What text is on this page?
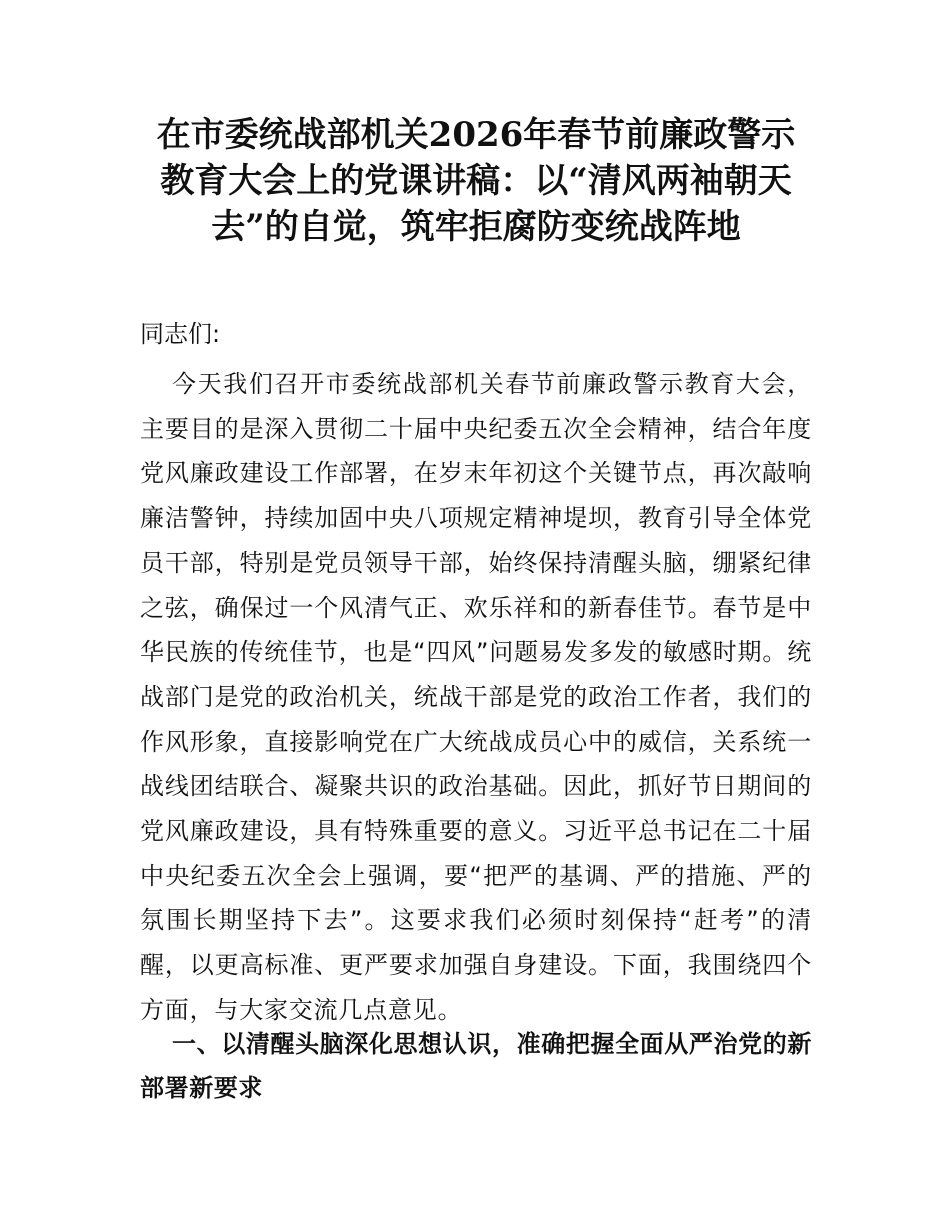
在市委统战部机关2026年春节前廉政警示教育大会上的党课讲稿：以“清风两袖朝天去”的自觉，筑牢拒腐防变统战阵地

同志们:

今天我们召开市委统战部机关春节前廉政警示教育大会，主要目的是深入贯彻二十届中央纪委五次全会精神，结合年度党风廉政建设工作部署，在岁末年初这个关键节点，再次敲响廉洁警钟，持续加固中央八项规定精神堤坝，教育引导全体党员干部，特别是党员领导干部，始终保持清醒头脑，绷紧纪律之弦，确保过一个风清气正、欢乐祥和的新春佳节。春节是中华民族的传统佳节，也是“四风”问题易发多发的敏感时期。统战部门是党的政治机关，统战干部是党的政治工作者，我们的作风形象，直接影响党在广大统战成员心中的威信，关系统一战线团结联合、凝聚共识的政治基础。因此，抓好节日期间的党风廉政建设，具有特殊重要的意义。习近平总书记在二十届中央纪委五次全会上强调，要“把严的基调、严的措施、严的氛围长期坚持下去”。这要求我们必须时刻保持“赶考”的清醒，以更高标准、更严要求加强自身建设。下面，我围绕四个方面，与大家交流几点意见。

一、以清醒头脑深化思想认识，准确把握全面从严治党的新部署新要求
